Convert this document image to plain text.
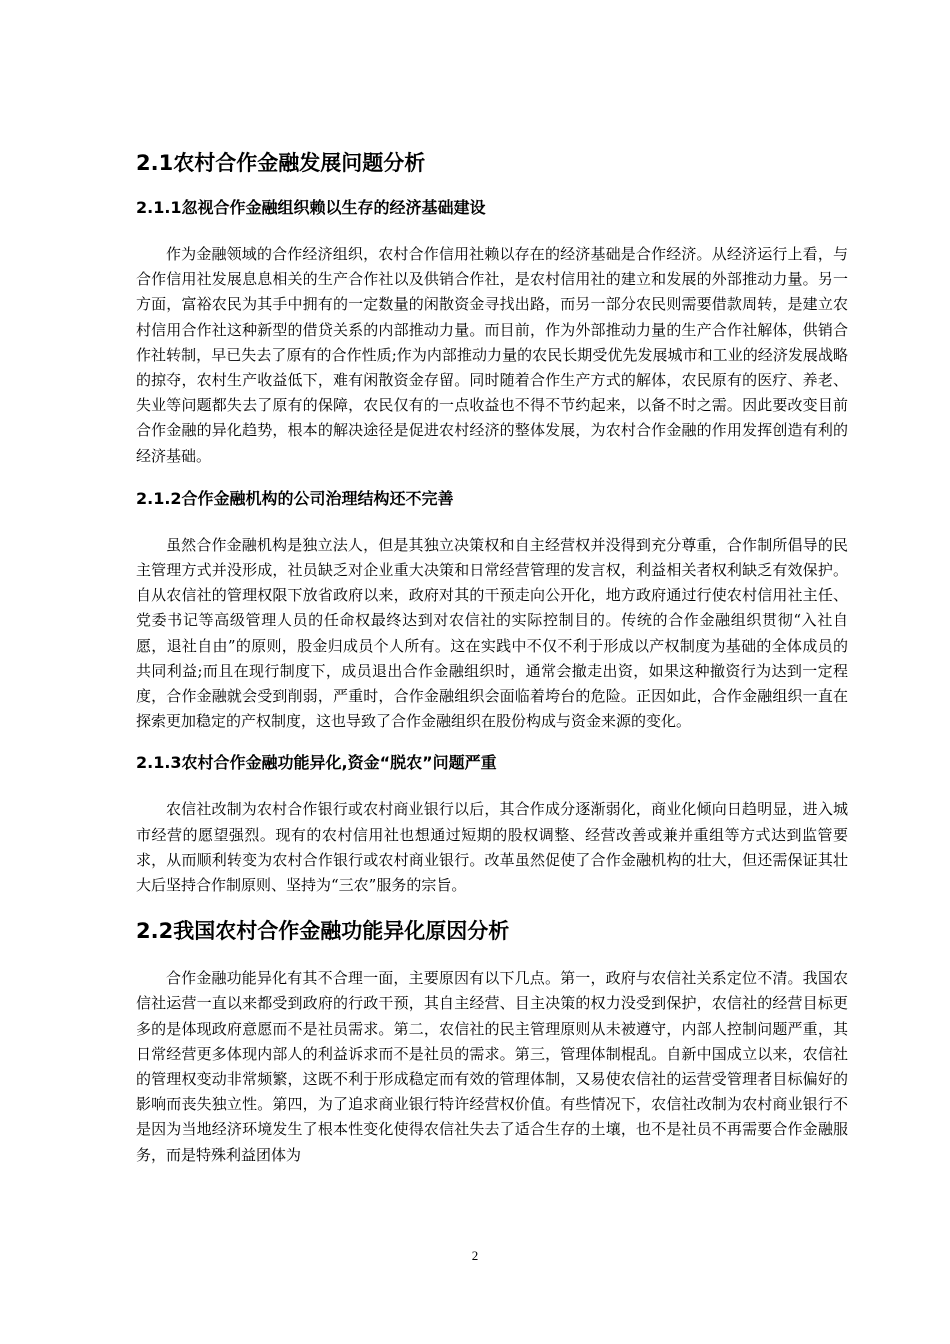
2.1农村合作金融发展问题分析
2.1.1忽视合作金融组织赖以生存的经济基础建设

作为金融领域的合作经济组织，农村合作信用社赖以存在的经济基础是合作经济。从经济运行上看，与合作信用社发展息息相关的生产合作社以及供销合作社，是农村信用社的建立和发展的外部推动力量。另一方面，富裕农民为其手中拥有的一定数量的闲散资金寻找出路，而另一部分农民则需要借款周转，是建立农村信用合作社这种新型的借贷关系的内部推动力量。而目前，作为外部推动力量的生产合作社解体，供销合作社转制，早已失去了原有的合作性质;作为内部推动力量的农民长期受优先发展城市和工业的经济发展战略的掠夺，农村生产收益低下，难有闲散资金存留。同时随着合作生产方式的解体，农民原有的医疗、养老、失业等问题都失去了原有的保障，农民仅有的一点收益也不得不节约起来，以备不时之需。因此要改变目前合作金融的异化趋势，根本的解决途径是促进农村经济的整体发展，为农村合作金融的作用发挥创造有利的经济基础。

2.1.2合作金融机构的公司治理结构还不完善

虽然合作金融机构是独立法人，但是其独立决策权和自主经营权并没得到充分尊重，合作制所倡导的民主管理方式并没形成，社员缺乏对企业重大决策和日常经营管理的发言权，利益相关者权利缺乏有效保护。自从农信社的管理权限下放省政府以来，政府对其的干预走向公开化，地方政府通过行使农村信用社主任、党委书记等高级管理人员的任命权最终达到对农信社的实际控制目的。传统的合作金融组织贯彻“入社自愿，退社自由”的原则，股金归成员个人所有。这在实践中不仅不利于形成以产权制度为基础的全体成员的共同利益;而且在现行制度下，成员退出合作金融组织时，通常会撤走出资，如果这种撤资行为达到一定程度，合作金融就会受到削弱，严重时，合作金融组织会面临着垮台的危险。正因如此，合作金融组织一直在探索更加稳定的产权制度，这也导致了合作金融组织在股份构成与资金来源的变化。

2.1.3农村合作金融功能异化,资金“脱农”问题严重

农信社改制为农村合作银行或农村商业银行以后，其合作成分逐渐弱化，商业化倾向日趋明显，进入城市经营的愿望强烈。现有的农村信用社也想通过短期的股权调整、经营改善或兼并重组等方式达到监管要求，从而顺利转变为农村合作银行或农村商业银行。改革虽然促使了合作金融机构的壮大，但还需保证其壮大后坚持合作制原则、坚持为“三农”服务的宗旨。

2.2我国农村合作金融功能异化原因分析

合作金融功能异化有其不合理一面，主要原因有以下几点。第一，政府与农信社关系定位不清。我国农信社运营一直以来都受到政府的行政干预，其自主经营、目主决策的权力没受到保护，农信社的经营目标更多的是体现政府意愿而不是社员需求。第二，农信社的民主管理原则从未被遵守，内部人控制问题严重，其日常经营更多体现内部人的利益诉求而不是社员的需求。第三，管理体制棍乱。自新中国成立以来，农信社的管理权变动非常频繁，这既不利于形成稳定而有效的管理体制，又易使农信社的运营受管理者目标偏好的影响而丧失独立性。第四，为了追求商业银行特许经营权价值。有些情况下，农信社改制为农村商业银行不是因为当地经济环境发生了根本性变化使得农信社失去了适合生存的土壤，也不是社员不再需要合作金融服务，而是特殊利益团体为

2
